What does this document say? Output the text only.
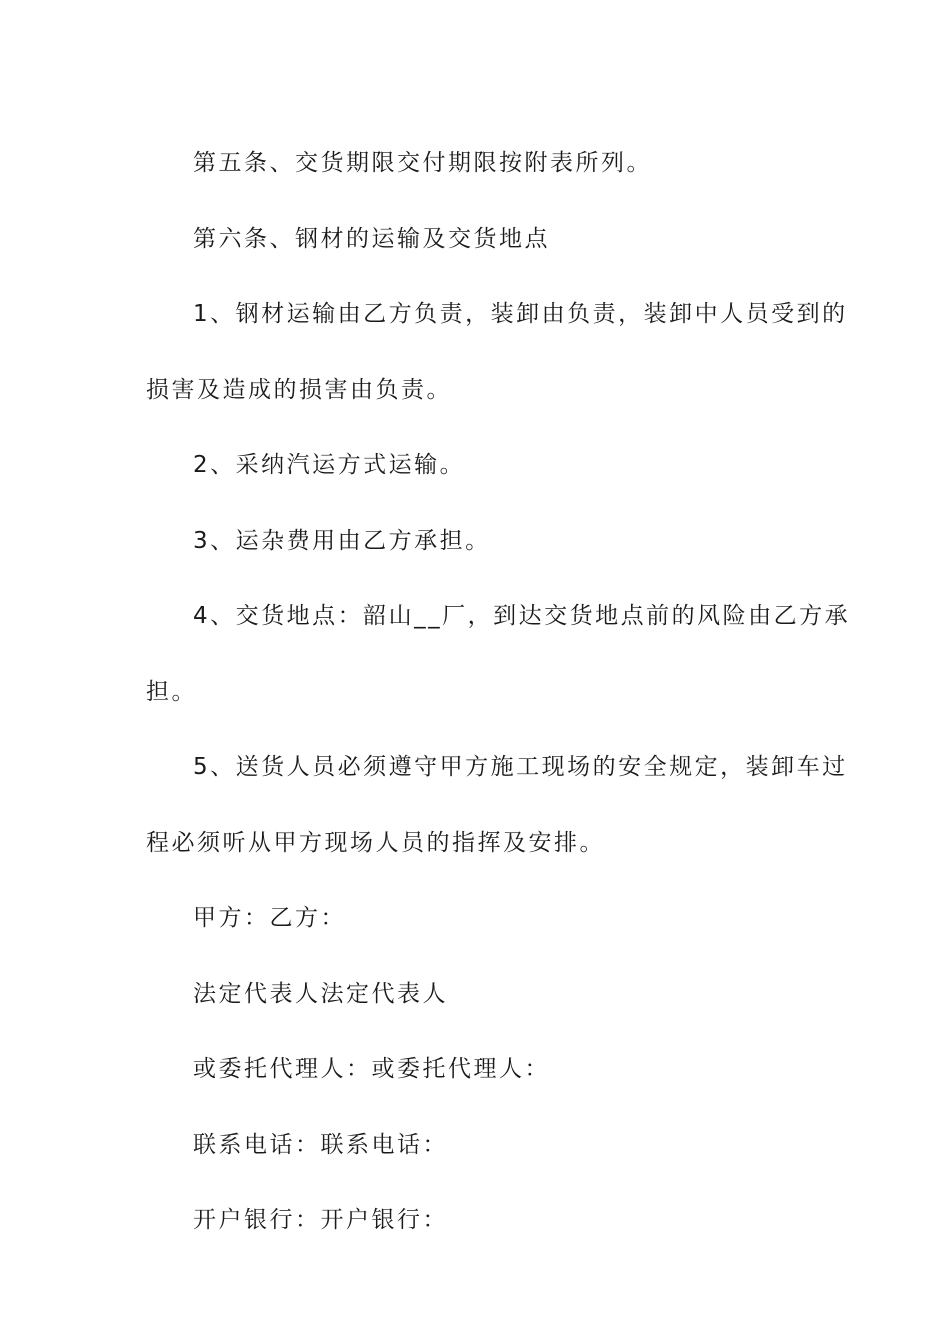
第五条、交货期限交付期限按附表所列。

第六条、钢材的运输及交货地点

1、钢材运输由乙方负责，装卸由负责，装卸中人员受到的

损害及造成的损害由负责。

2、采纳汽运方式运输。

3、运杂费用由乙方承担。

4、交货地点：韶山__厂，到达交货地点前的风险由乙方承

担。

5、送货人员必须遵守甲方施工现场的安全规定，装卸车过

程必须听从甲方现场人员的指挥及安排。

甲方：乙方：

法定代表人法定代表人

或委托代理人：或委托代理人：

联系电话：联系电话：

开户银行：开户银行：
